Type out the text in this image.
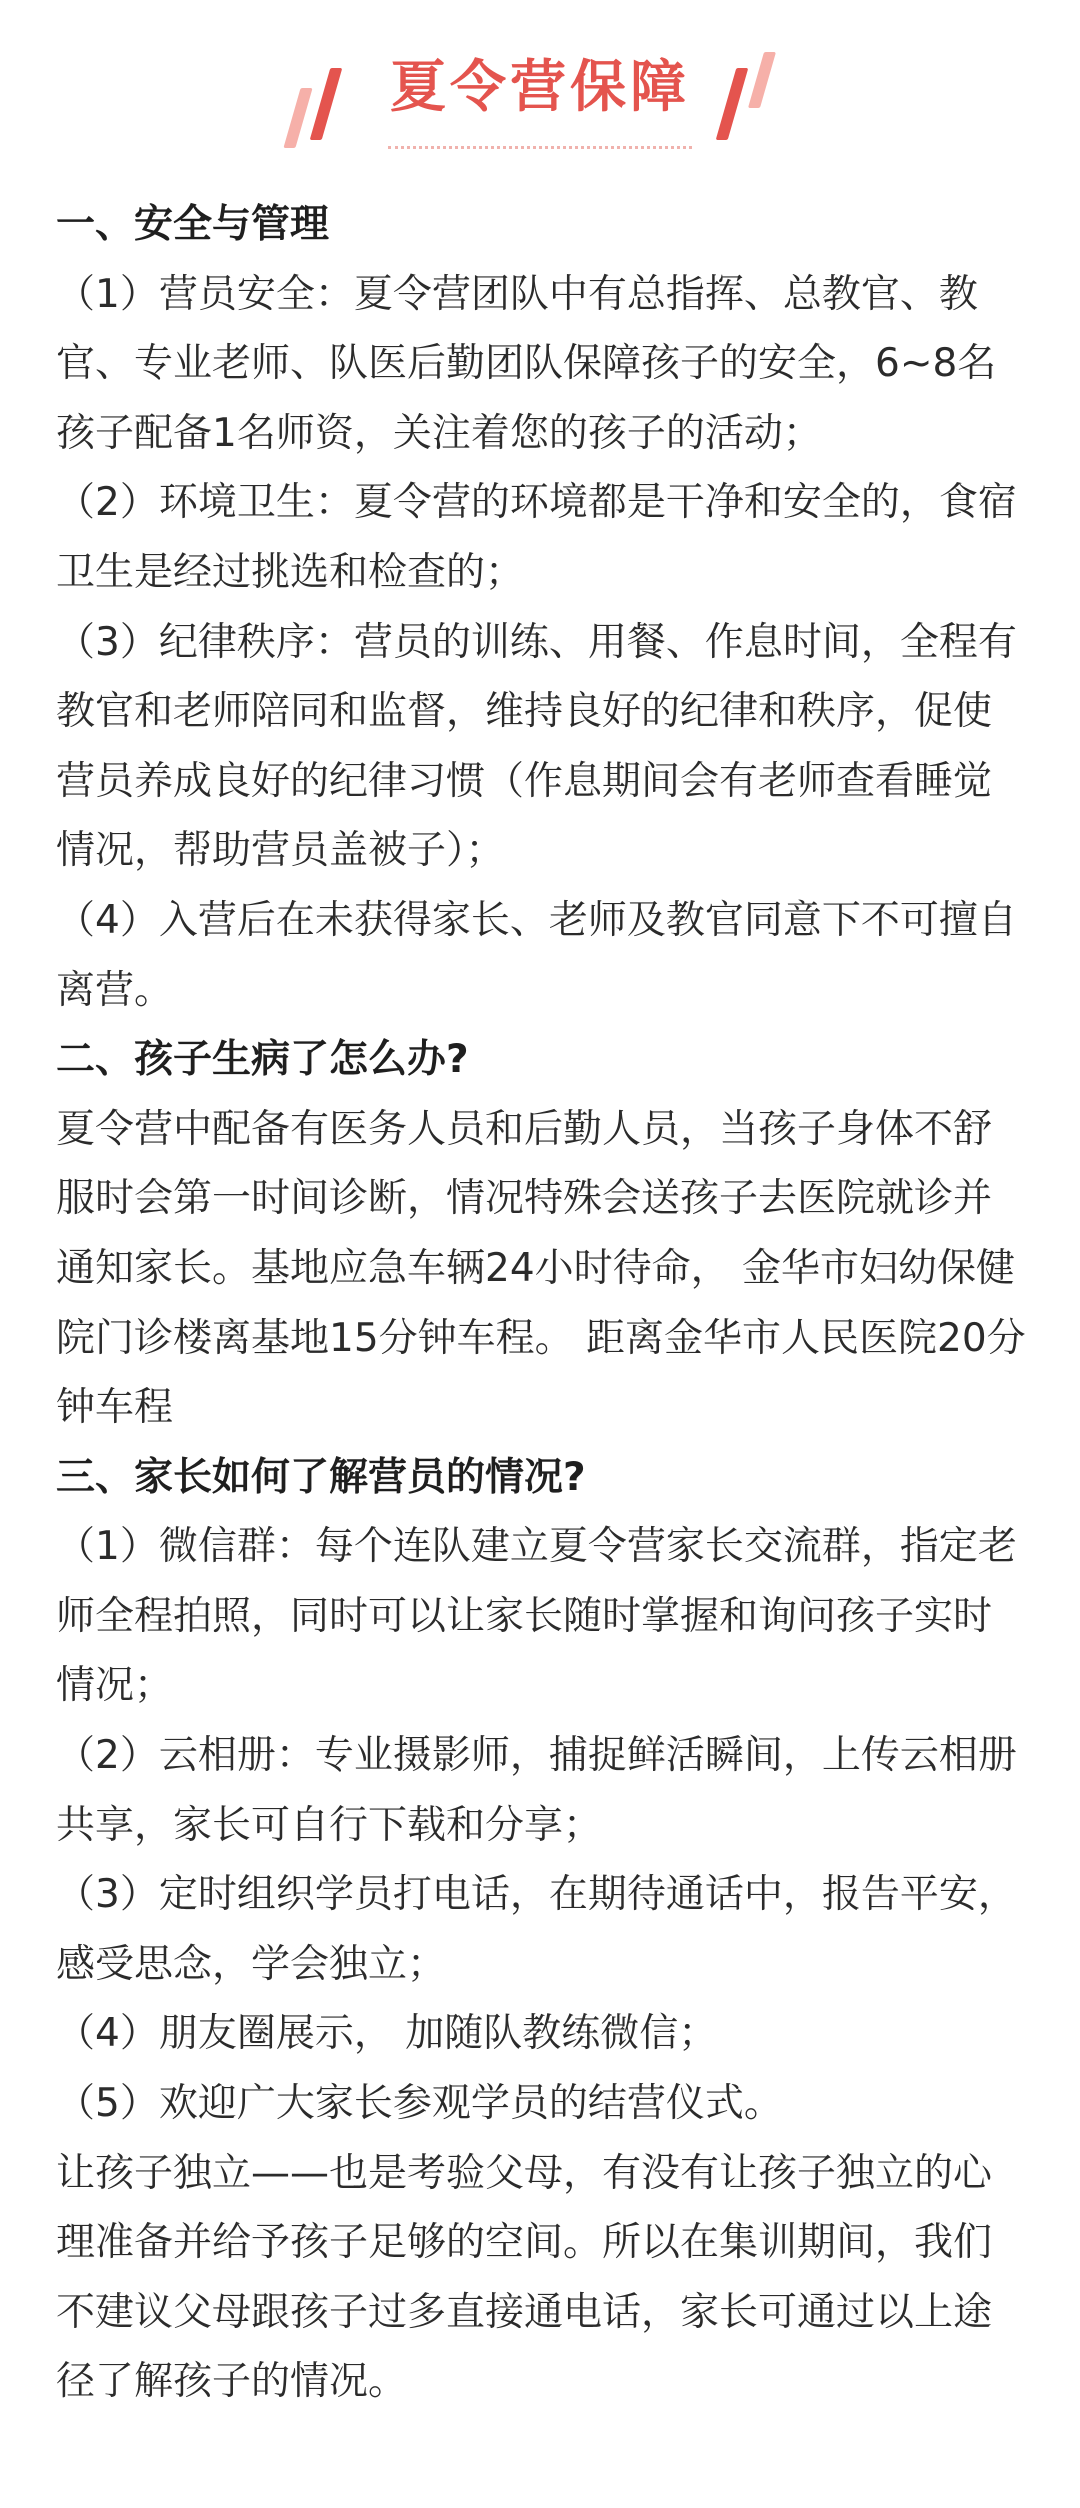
夏令营保障

一、安全与管理

（1）营员安全：夏令营团队中有总指挥、总教官、教官、专业老师、队医后勤团队保障孩子的安全，6~8名孩子配备1名师资，关注着您的孩子的活动；

（2）环境卫生：夏令营的环境都是干净和安全的，食宿卫生是经过挑选和检查的；

（3）纪律秩序：营员的训练、用餐、作息时间，全程有教官和老师陪同和监督，维持良好的纪律和秩序，促使营员养成良好的纪律习惯（作息期间会有老师查看睡觉情况，帮助营员盖被子）；

（4）入营后在未获得家长、老师及教官同意下不可擅自离营。

二、孩子生病了怎么办?

夏令营中配备有医务人员和后勤人员，当孩子身体不舒服时会第一时间诊断，情况特殊会送孩子去医院就诊并通知家长。基地应急车辆24小时待命， 金华市妇幼保健院门诊楼离基地15分钟车程。 距离金华市人民医院20分钟车程

三、家长如何了解营员的情况?

（1）微信群：每个连队建立夏令营家长交流群，指定老师全程拍照，同时可以让家长随时掌握和询问孩子实时情况；

（2）云相册：专业摄影师，捕捉鲜活瞬间，上传云相册共享，家长可自行下载和分享；

（3）定时组织学员打电话，在期待通话中，报告平安，感受思念，学会独立；

（4）朋友圈展示， 加随队教练微信；

（5）欢迎广大家长参观学员的结营仪式。

让孩子独立——也是考验父母，有没有让孩子独立的心理准备并给予孩子足够的空间。所以在集训期间，我们不建议父母跟孩子过多直接通电话，家长可通过以上途径了解孩子的情况。
